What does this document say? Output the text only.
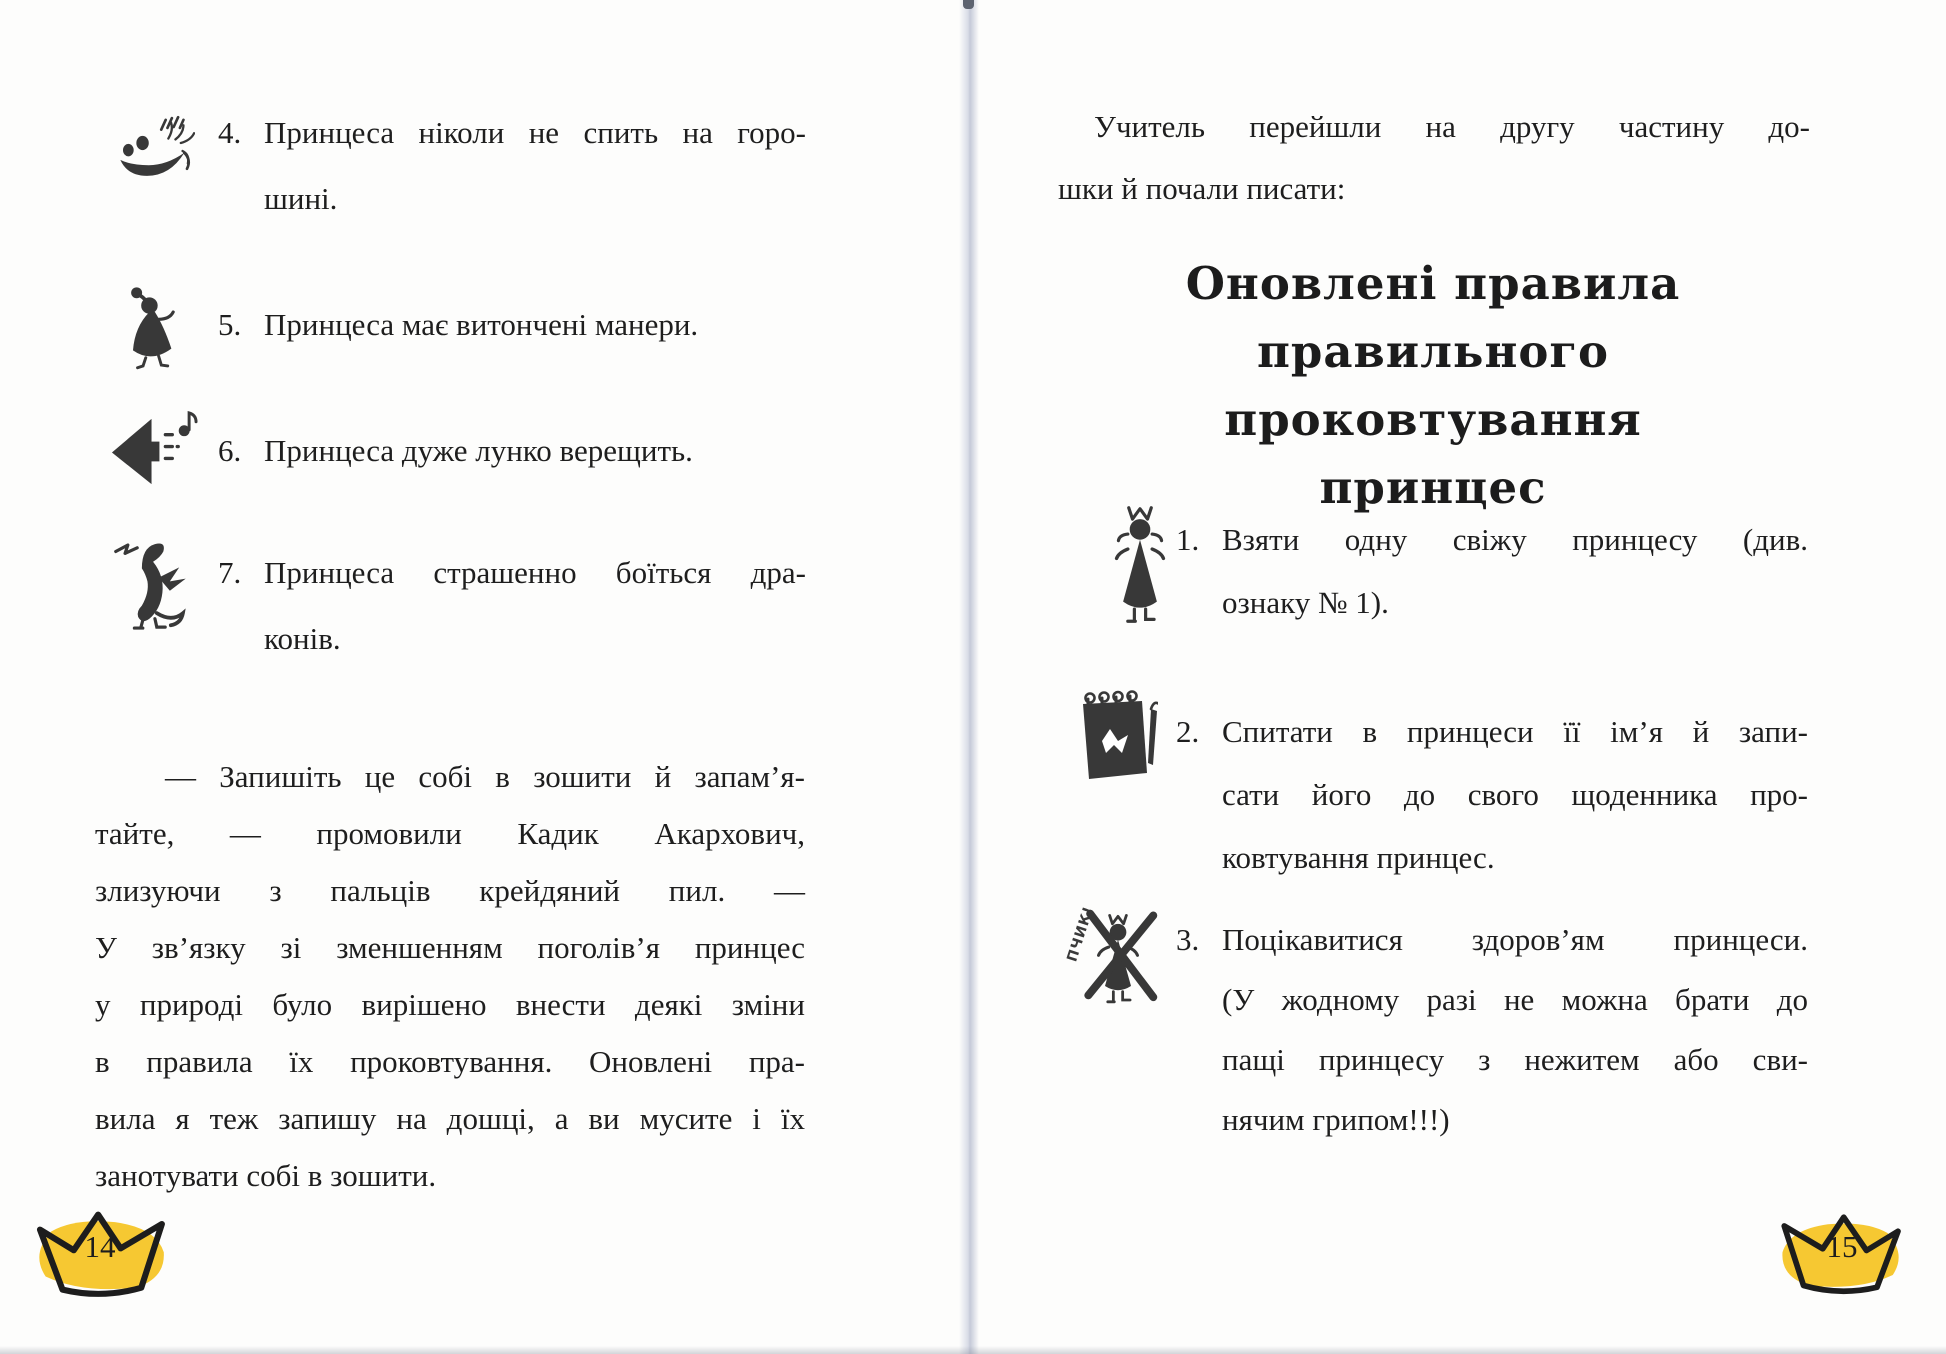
4. Принцеса ніколи не спить на горо-
шині.
5. Принцеса має витончені манери.
6. Принцеса дуже лунко верещить.
7. Принцеса страшенно боїться дра-
конів.
— Запишіть це собі в зошити й запам’я-
тайте, — промовили Кадик Акархович,
злизуючи з пальців крейдяний пил. —
У зв’язку зі зменшенням поголів’я принцес
у природі було вирішено внести деякі зміни
в правила їх проковтування. Оновлені пра-
вила я теж запишу на дошці, а ви мусите і їх
занотувати собі в зошити.
14
Учитель перейшли на другу частину до-
шки й почали писати:
Оновлені правила
правильного проковтування
принцес
1. Взяти одну свіжу принцесу (див.
ознаку № 1).
2. Спитати в принцеси її ім’я й запи-
сати його до свого щоденника про-
ковтування принцес.
ПЧИК!	3. Поцікавитися здоров’ям принцеси.
(У жодному разі не можна брати до
пащі принцесу з нежитем або сви-
нячим грипом!!!)
15
